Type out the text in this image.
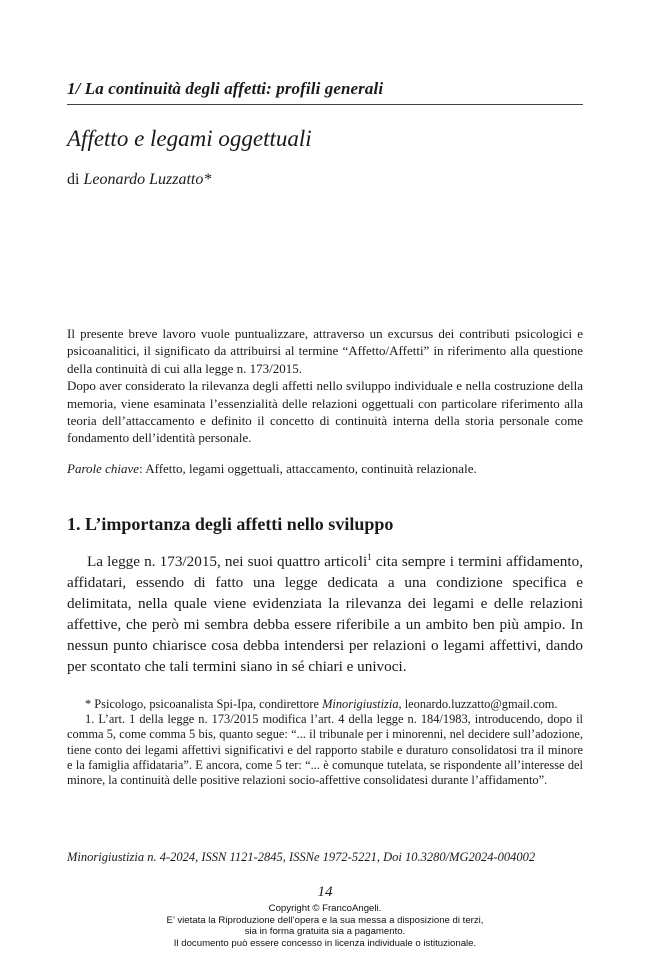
1/ La continuità degli affetti: profili generali
Affetto e legami oggettuali
di Leonardo Luzzatto*

Il presente breve lavoro vuole puntualizzare, attraverso un excursus dei contributi psicologici e psicoanalitici, il significato da attribuirsi al termine “Affetto/Affetti” in riferimento alla questione della continuità di cui alla legge n. 173/2015.

Dopo aver considerato la rilevanza degli affetti nello sviluppo individuale e nella costruzione della memoria, viene esaminata l’essenzialità delle relazioni oggettuali con particolare riferimento alla teoria dell’attaccamento e definito il concetto di continuità interna della storia personale come fondamento dell’identità personale.

Parole chiave: Affetto, legami oggettuali, attaccamento, continuità relazionale.
1. L’importanza degli affetti nello sviluppo

La legge n. 173/2015, nei suoi quattro articoli$^1$ cita sempre i termini affidamento, affidatari, essendo di fatto una legge dedicata a una condizione specifica e delimitata, nella quale viene evidenziata la rilevanza dei legami e delle relazioni affettive, che però mi sembra debba essere riferibile a un ambito ben più ampio. In nessun punto chiarisce cosa debba intendersi per relazioni o legami affettivi, dando per scontato che tali termini siano in sé chiari e univoci.

* Psicologo, psicoanalista Spi-Ipa, condirettore Minorigiustizia, leonardo.luzzatto@gmail.com.

1. L’art. 1 della legge n. 173/2015 modifica l’art. 4 della legge n. 184/1983, introducendo, dopo il comma 5, come comma 5 bis, quanto segue: “... il tribunale per i minorenni, nel decidere sull’adozione, tiene conto dei legami affettivi significativi e del rapporto stabile e duraturo consolidatosi tra il minore e la famiglia affidataria”. E ancora, come 5 ter: “... è comunque tutelata, se rispondente all’interesse del minore, la continuità delle positive relazioni socio-affettive consolidatesi durante l’affidamento”.

Minorigiustizia n. 4-2024, ISSN 1121-2845, ISSNe 1972-5221, Doi 10.3280/MG2024-004002
14
Copyright © FrancoAngeli.
E’ vietata la Riproduzione dell’opera e la sua messa a disposizione di terzi,
sia in forma gratuita sia a pagamento.
Il documento può essere concesso in licenza individuale o istituzionale.
